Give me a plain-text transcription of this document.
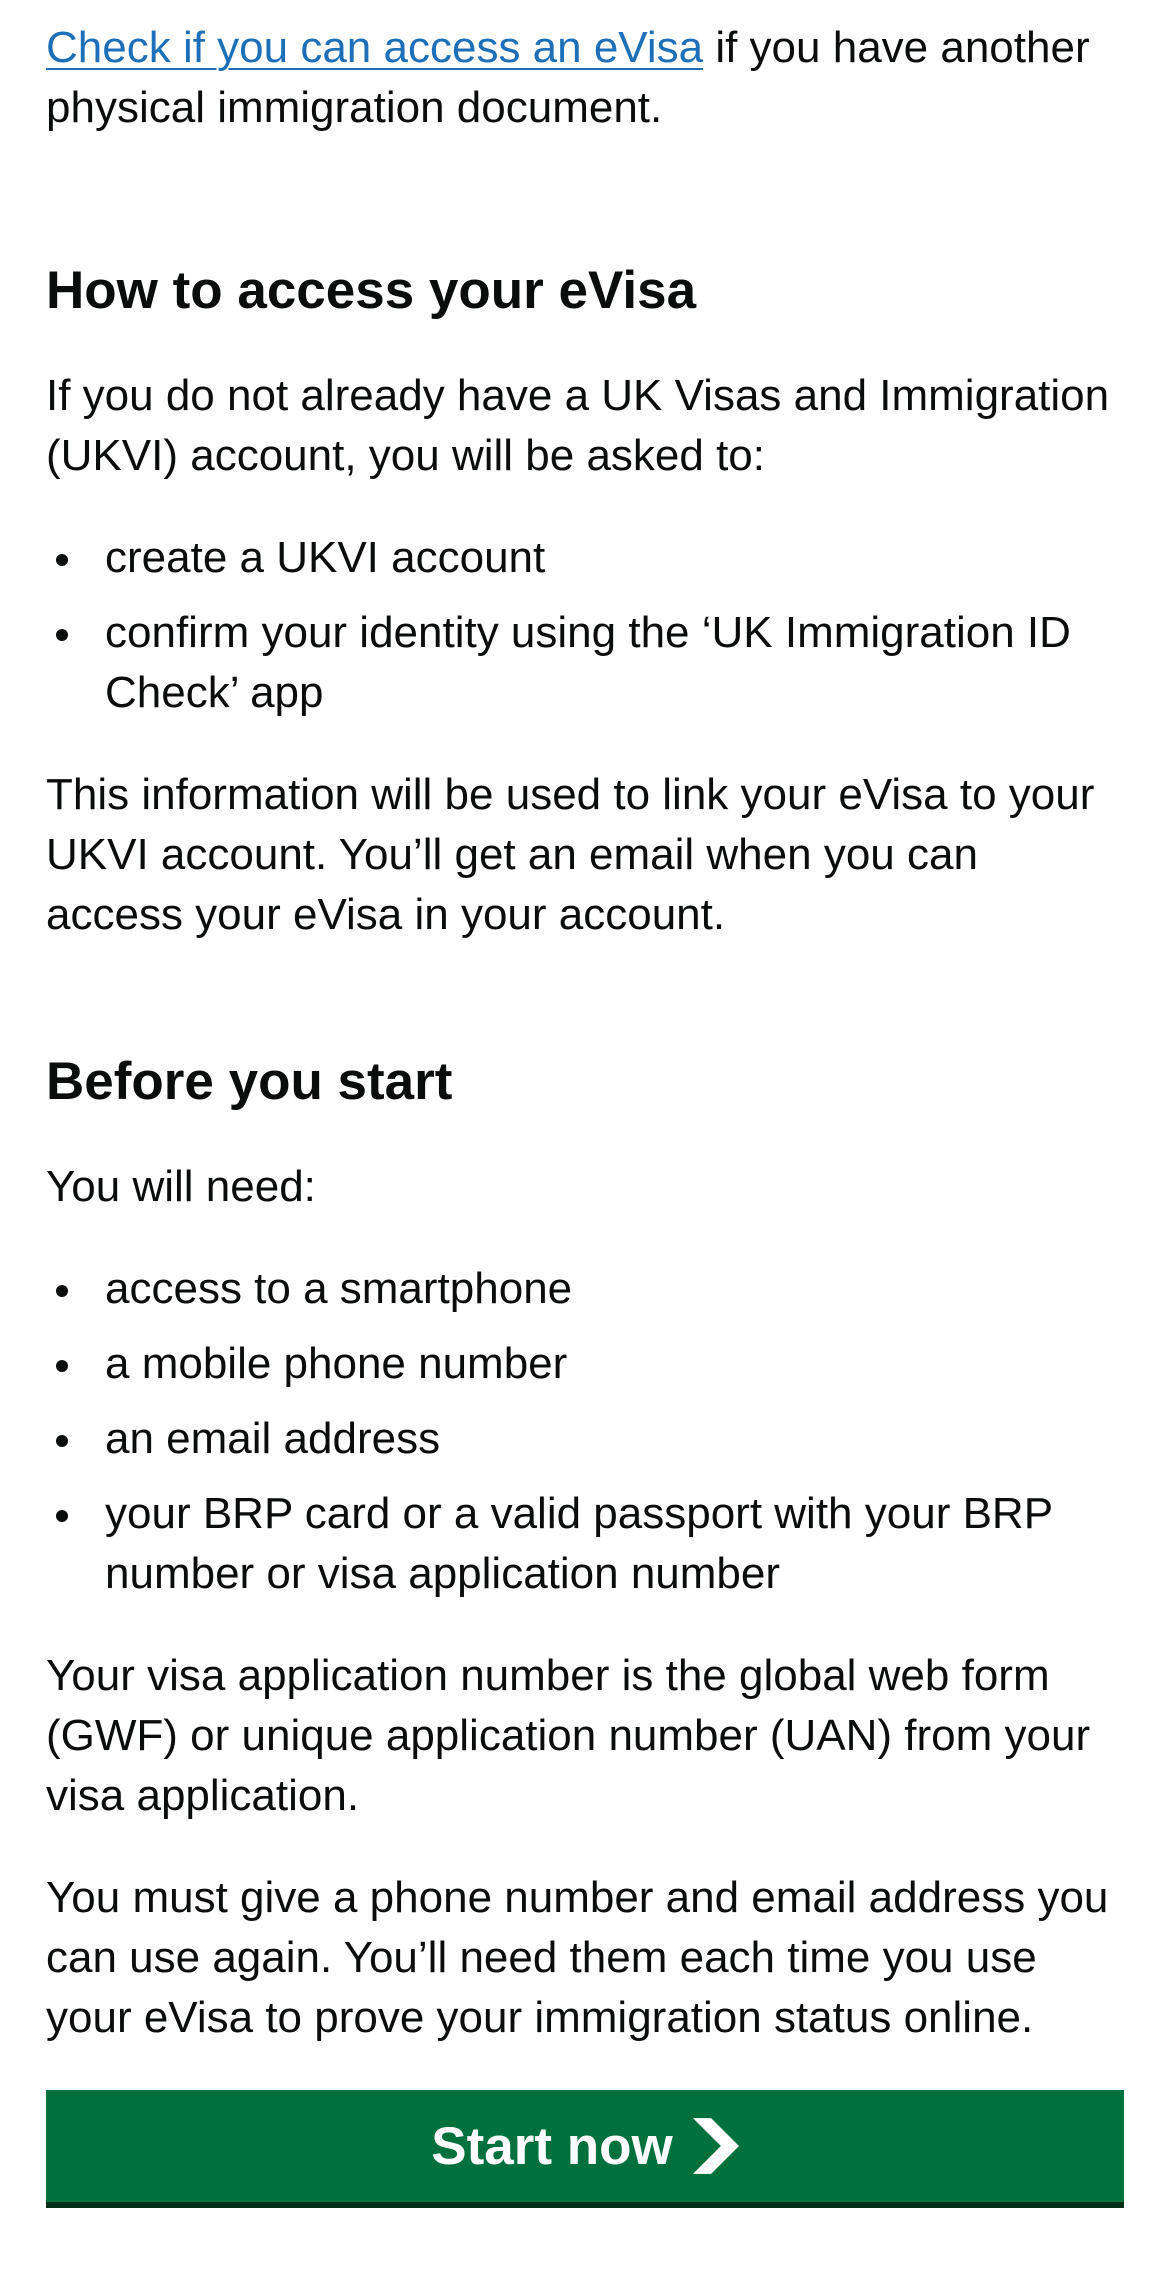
Check if you can access an eVisa if you have another physical immigration document.

How to access your eVisa

If you do not already have a UK Visas and Immigration (UKVI) account, you will be asked to:

create a UKVI account
confirm your identity using the ‘UK Immigration ID Check’ app

This information will be used to link your eVisa to your UKVI account. You’ll get an email when you can access your eVisa in your account.

Before you start

You will need:

access to a smartphone
a mobile phone number
an email address
your BRP card or a valid passport with your BRP number or visa application number

Your visa application number is the global web form (GWF) or unique application number (UAN) from your visa application.

You must give a phone number and email address you can use again. You’ll need them each time you use your eVisa to prove your immigration status online.

Start now
